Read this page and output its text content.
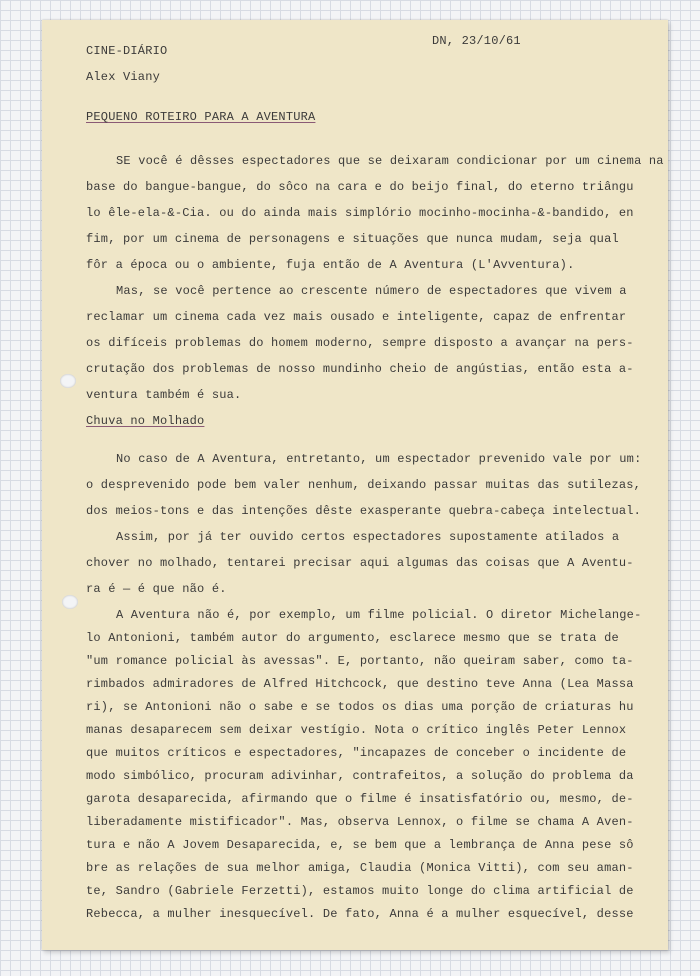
CINE-DIÁRIO
DN, 23/10/61
Alex Viany
PEQUENO ROTEIRO PARA A AVENTURA
SE você é dêsses espectadores que se deixaram condicionar por um cinema na
base do bangue-bangue, do sôco na cara e do beijo final, do eterno triângu
lo êle-ela-&-Cia. ou do ainda mais simplório mocinho-mocinha-&-bandido, en
fim, por um cinema de personagens e situações que nunca mudam, seja qual
fôr a época ou o ambiente, fuja então de A Aventura (L'Avventura).
Mas, se você pertence ao crescente número de espectadores que vivem a
reclamar um cinema cada vez mais ousado e inteligente, capaz de enfrentar
os difíceis problemas do homem moderno, sempre disposto a avançar na pers-
crutação dos problemas de nosso mundinho cheio de angústias, então esta a-
ventura também é sua.
Chuva no Molhado
No caso de A Aventura, entretanto, um espectador prevenido vale por um:
o desprevenido pode bem valer nenhum, deixando passar muitas das sutilezas,
dos meios-tons e das intenções dêste exasperante quebra-cabeça intelectual.
Assim, por já ter ouvido certos espectadores supostamente atilados a
chover no molhado, tentarei precisar aqui algumas das coisas que A Aventu-
ra é — é que não é.
A Aventura não é, por exemplo, um filme policial. O diretor Michelange-
lo Antonioni, também autor do argumento, esclarece mesmo que se trata de
"um romance policial às avessas". E, portanto, não queiram saber, como ta-
rimbados admiradores de Alfred Hitchcock, que destino teve Anna (Lea Massa
ri), se Antonioni não o sabe e se todos os dias uma porção de criaturas hu
manas desaparecem sem deixar vestígio. Nota o crítico inglês Peter Lennox
que muitos críticos e espectadores, "incapazes de conceber o incidente de
modo simbólico, procuram adivinhar, contrafeitos, a solução do problema da
garota desaparecida, afirmando que o filme é insatisfatório ou, mesmo, de-
liberadamente mistificador". Mas, observa Lennox, o filme se chama A Aven-
tura e não A Jovem Desaparecida, e, se bem que a lembrança de Anna pese sô
bre as relações de sua melhor amiga, Claudia (Monica Vitti), com seu aman-
te, Sandro (Gabriele Ferzetti), estamos muito longe do clima artificial de
Rebecca, a mulher inesquecível. De fato, Anna é a mulher esquecível, desse
